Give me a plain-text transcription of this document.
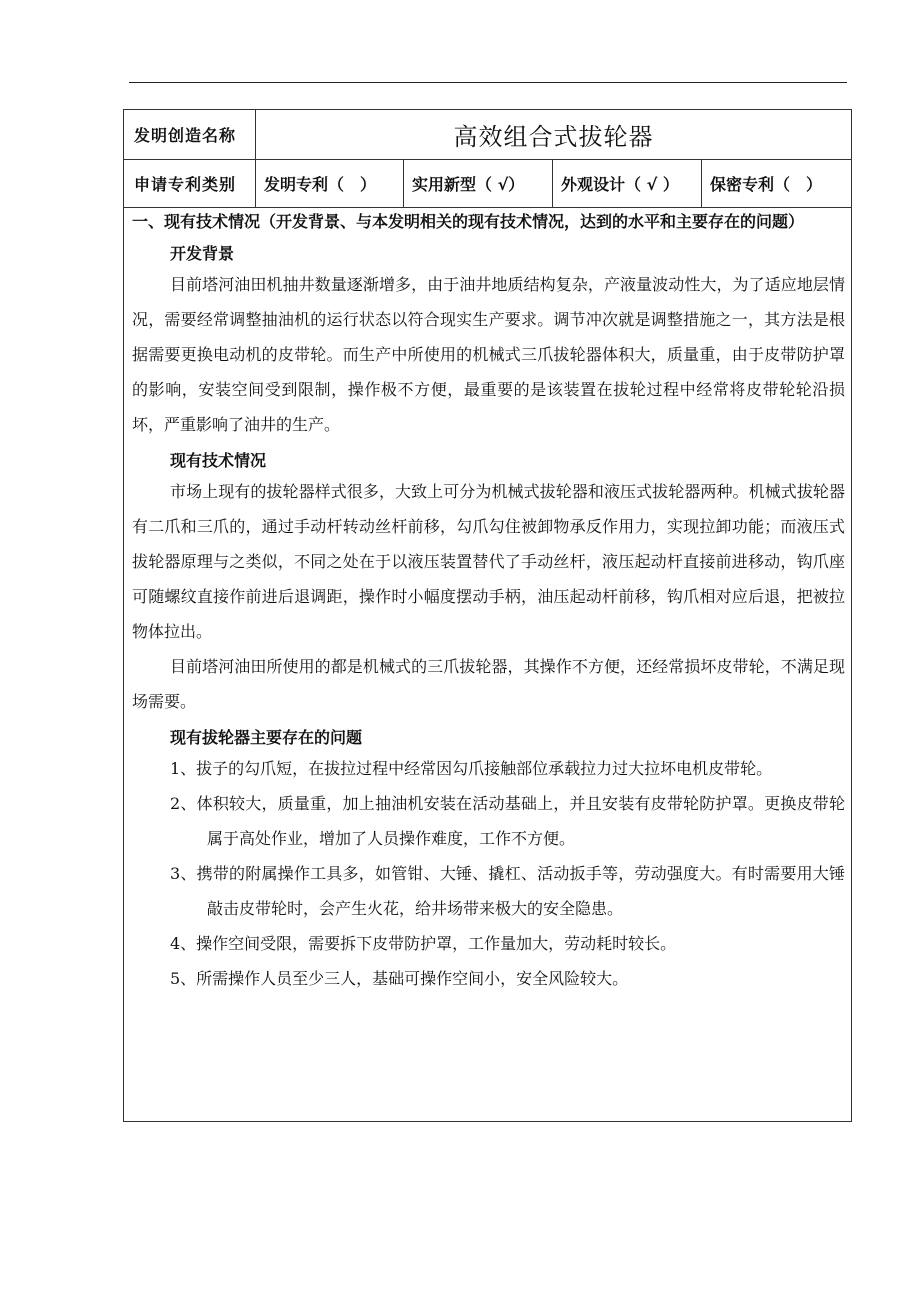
发明创造名称	高效组合式拔轮器
申请专利类别	发明专利（　）	实用新型（ √）	外观设计（ √ ）	保密专利（　）
一、现有技术情况（开发背景、与本发明相关的现有技术情况，达到的水平和主要存在的问题）
开发背景

目前塔河油田机抽井数量逐渐增多，由于油井地质结构复杂，产液量波动性大，为了适应地层情况，需要经常调整抽油机的运行状态以符合现实生产要求。调节冲次就是调整措施之一，其方法是根据需要更换电动机的皮带轮。而生产中所使用的机械式三爪拔轮器体积大，质量重，由于皮带防护罩的影响，安装空间受到限制，操作极不方便，最重要的是该装置在拔轮过程中经常将皮带轮轮沿损坏，严重影响了油井的生产。

现有技术情况

市场上现有的拔轮器样式很多，大致上可分为机械式拔轮器和液压式拔轮器两种。机械式拔轮器有二爪和三爪的，通过手动杆转动丝杆前移，勾爪勾住被卸物承反作用力，实现拉卸功能；而液压式拔轮器原理与之类似，不同之处在于以液压装置替代了手动丝杆，液压起动杆直接前进移动，钩爪座可随螺纹直接作前进后退调距，操作时小幅度摆动手柄，油压起动杆前移，钩爪相对应后退，把被拉物体拉出。

目前塔河油田所使用的都是机械式的三爪拔轮器，其操作不方便，还经常损坏皮带轮，不满足现场需要。

现有拔轮器主要存在的问题

1、拔子的勾爪短，在拔拉过程中经常因勾爪接触部位承载拉力过大拉坏电机皮带轮。

2、体积较大，质量重，加上抽油机安装在活动基础上，并且安装有皮带轮防护罩。更换皮带轮属于高处作业，增加了人员操作难度，工作不方便。

3、携带的附属操作工具多，如管钳、大锤、撬杠、活动扳手等，劳动强度大。有时需要用大锤敲击皮带轮时，会产生火花，给井场带来极大的安全隐患。

4、操作空间受限，需要拆下皮带防护罩，工作量加大，劳动耗时较长。

5、所需操作人员至少三人，基础可操作空间小，安全风险较大。
